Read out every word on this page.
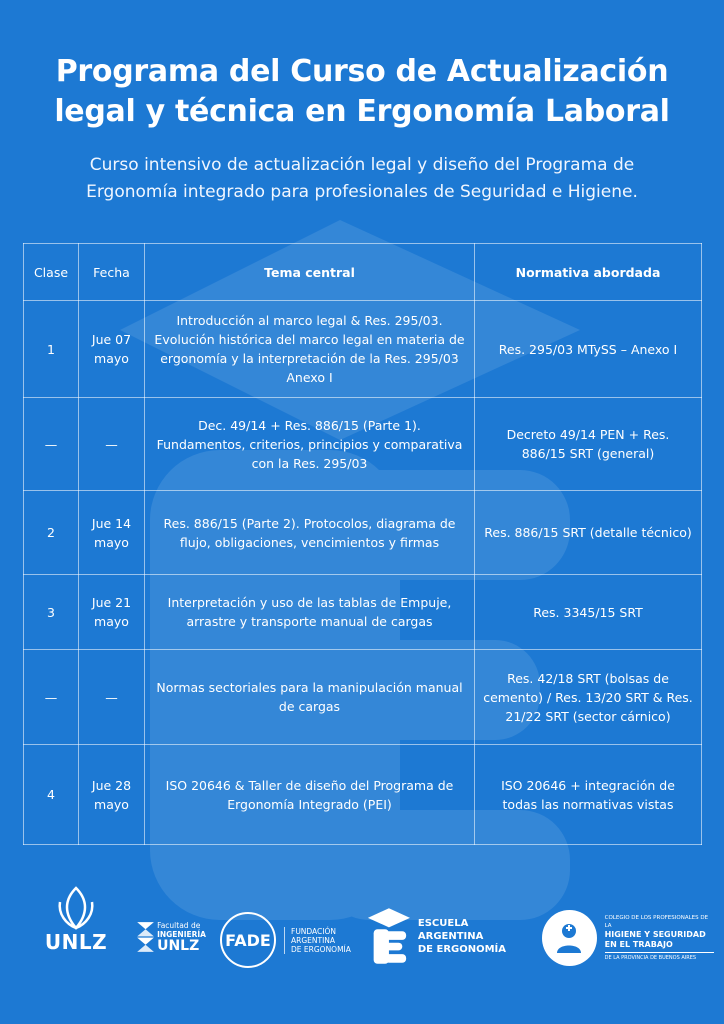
Programa del Curso de Actualización
legal y técnica en Ergonomía Laboral

Curso intensivo de actualización legal y diseño del Programa de
Ergonomía integrado para profesionales de Seguridad e Higiene.

Clase	Fecha	Tema central	Normativa abordada
1	Jue 07 mayo	Introducción al marco legal & Res. 295/03. Evolución histórica del marco legal en materia de ergonomía y la interpretación de la Res. 295/03 Anexo I	Res. 295/03 MTySS – Anexo I
—	—	Dec. 49/14 + Res. 886/15 (Parte 1). Fundamentos, criterios, principios y comparativa con la Res. 295/03	Decreto 49/14 PEN + Res. 886/15 SRT (general)
2	Jue 14 mayo	Res. 886/15 (Parte 2). Protocolos, diagrama de flujo, obligaciones, vencimientos y firmas	Res. 886/15 SRT (detalle técnico)
3	Jue 21 mayo	Interpretación y uso de las tablas de Empuje, arrastre y transporte manual de cargas	Res. 3345/15 SRT
—	—	Normas sectoriales para la manipulación manual de cargas	Res. 42/18 SRT (bolsas de cemento) / Res. 13/20 SRT & Res. 21/22 SRT (sector cárnico)
4	Jue 28 mayo	ISO 20646 & Taller de diseño del Programa de Ergonomía Integrado (PEI)	ISO 20646 + integración de todas las normativas vistas
UNLZ
Facultad de
INGENIERÍA
UNLZ	FADE	FUNDACIÓN
ARGENTINA
DE ERGONOMÍA
ESCUELA ARGENTINA
DE ERGONOMÍA
COLEGIO DE LOS PROFESIONALES DE LA
HIGIENE Y SEGURIDAD
EN EL TRABAJO
DE LA PROVINCIA DE BUENOS AIRES
